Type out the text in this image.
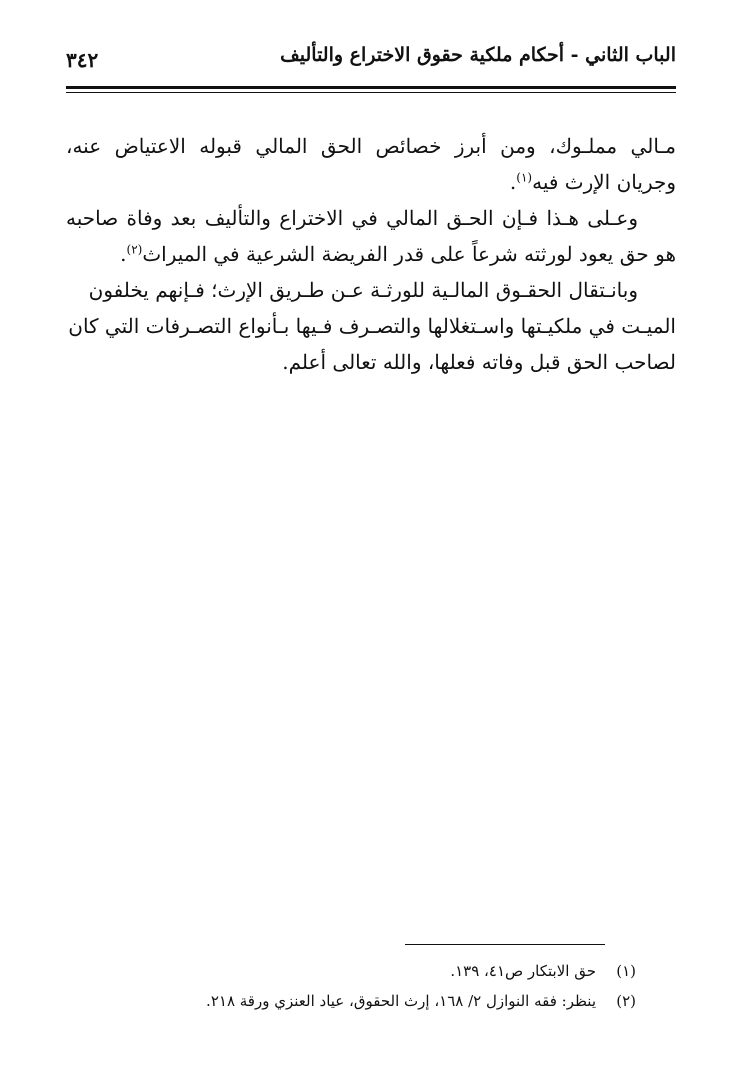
الباب الثاني - أحكام ملكية حقوق الاختراع والتأليف
٣٤٢

مـالي مملـوك، ومن أبرز خصائص الحق المالي قبوله الاعتياض عنه، وجريان الإرث فيه$^{(١)}$.

وعـلى هـذا فـإن الحـق المالي في الاختراع والتأليف بعد وفاة صاحبه هو حق يعود لورثته شرعاً على قدر الفريضة الشرعية في الميراث$^{(٢)}$.

وبانـتقال الحقـوق المالـية للورثـة عـن طـريق الإرث؛ فـإنهم يخلفون الميـت في ملكيـتها واسـتغلالها والتصـرف فـيها بـأنواع التصـرفات التي كان لصاحب الحق قبل وفاته فعلها، والله تعالى أعلم.

(١)حق الابتكار ص٤١، ١٣٩.
(٢)ينظر: فقه النوازل ٢/ ١٦٨، إرث الحقوق، عياد العنزي ورقة ٢١٨.
